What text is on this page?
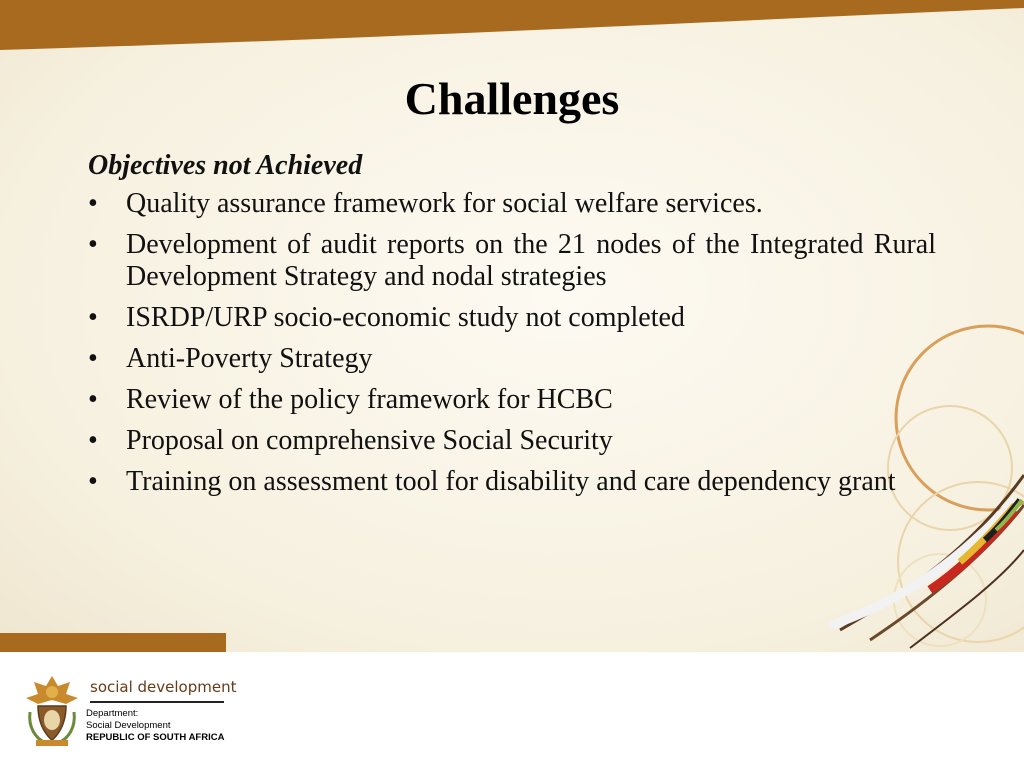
Challenges
Objectives not Achieved
• Quality assurance framework for social welfare services.
• Development of audit reports on the 21 nodes of the Integrated Rural Development Strategy and nodal strategies
• ISRDP/URP socio-economic study not completed
• Anti-Poverty Strategy
• Review of the policy framework for HCBC
• Proposal on comprehensive Social Security
• Training on assessment tool for disability and care dependency grant
social development
Department:
Social Development
REPUBLIC OF SOUTH AFRICA
